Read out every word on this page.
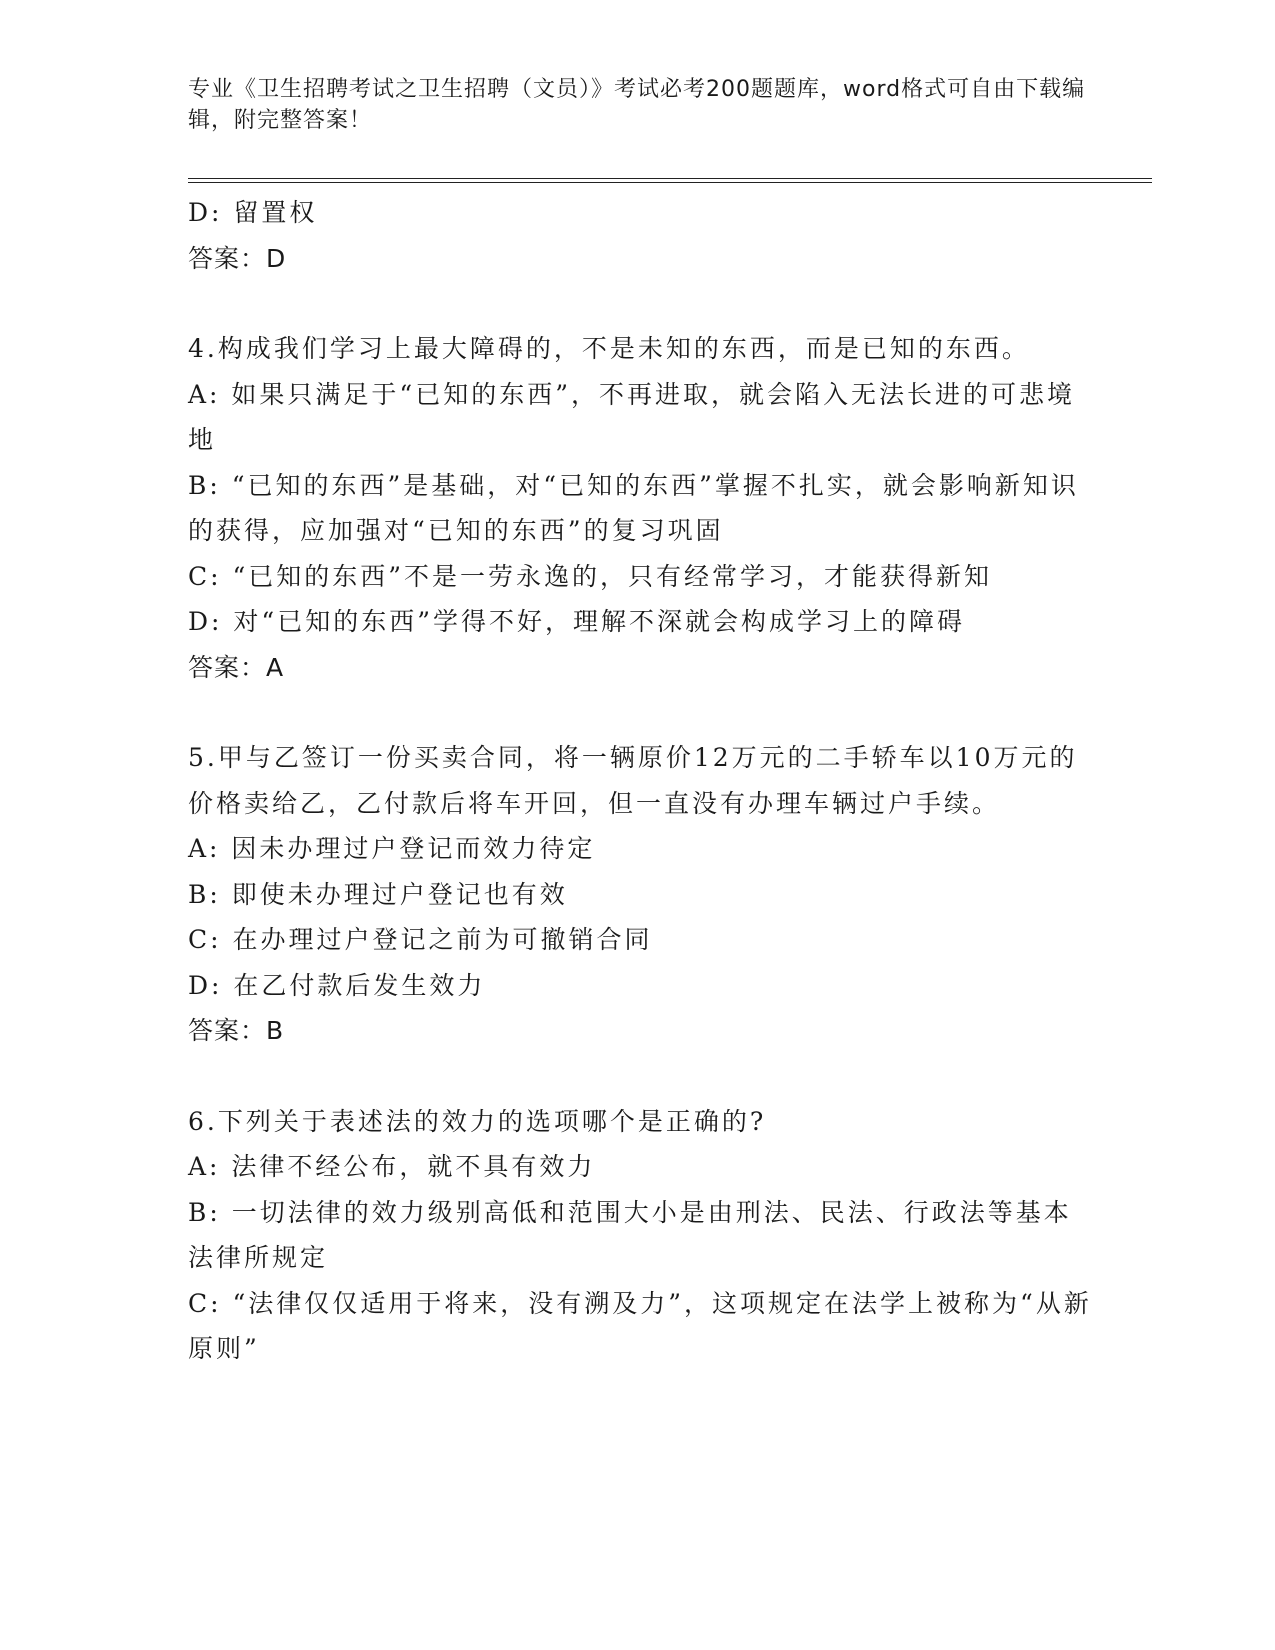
专业《卫生招聘考试之卫生招聘（文员）》考试必考200题题库，word格式可自由下载编辑，附完整答案！

D: 留置权

答案：D

4.构成我们学习上最大障碍的，不是未知的东西，而是已知的东西。

A: 如果只满足于“已知的东西”，不再进取，就会陷入无法长进的可悲境地

B: “已知的东西”是基础，对“已知的东西”掌握不扎实，就会影响新知识的获得，应加强对“已知的东西”的复习巩固

C: “已知的东西”不是一劳永逸的，只有经常学习，才能获得新知

D: 对“已知的东西”学得不好，理解不深就会构成学习上的障碍

答案：A

5.甲与乙签订一份买卖合同，将一辆原价12万元的二手轿车以10万元的价格卖给乙，乙付款后将车开回，但一直没有办理车辆过户手续。

A: 因未办理过户登记而效力待定

B: 即使未办理过户登记也有效

C: 在办理过户登记之前为可撤销合同

D: 在乙付款后发生效力

答案：B

6.下列关于表述法的效力的选项哪个是正确的?

A: 法律不经公布，就不具有效力

B: 一切法律的效力级别高低和范围大小是由刑法、民法、行政法等基本法律所规定

C: “法律仅仅适用于将来，没有溯及力”，这项规定在法学上被称为“从新原则”
